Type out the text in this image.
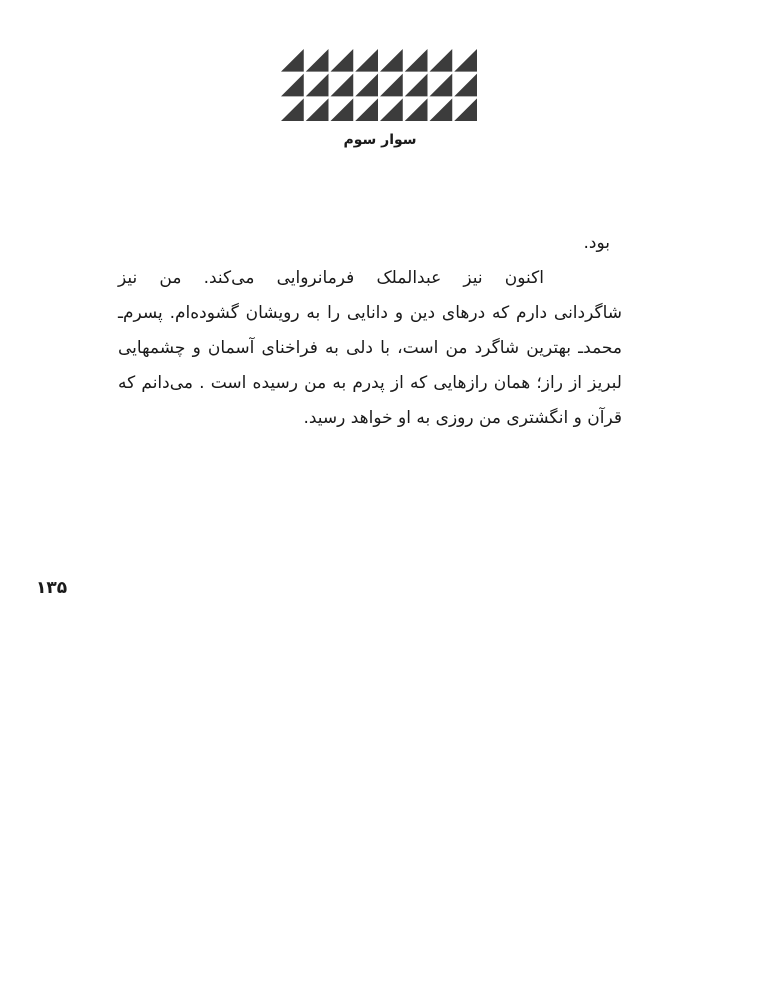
سوار سوم
بود.
اکنون نیز عبدالملک فرمانروایی می‌کند. من نیز
شاگردانی دارم که درهای دین و دانایی را به رویشان گشوده‌ام. پسرم‌ـ
محمد‌ـ بهترین شاگرد من است، با دلی به فراخنای آسمان و چشمهایی
لبریز از راز؛ همان رازهایی که از پدرم به من رسیده است . می‌دانم که
قرآن و انگشتری من روزی به او خواهد رسید.
۱۳۵
